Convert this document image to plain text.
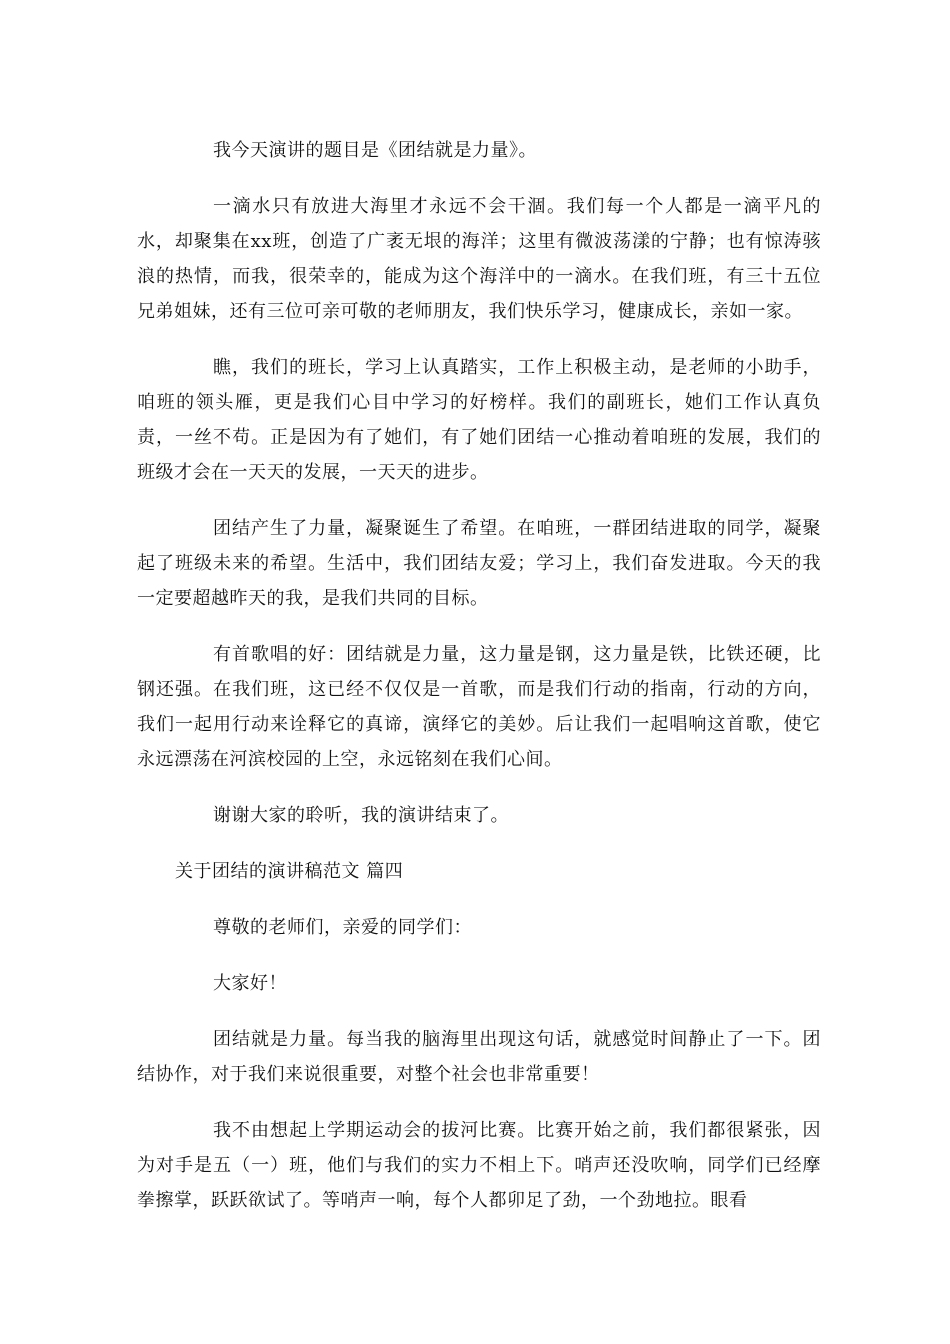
我今天演讲的题目是《团结就是力量》。

一滴水只有放进大海里才永远不会干涸。我们每一个人都是一滴平凡的水，却聚集在xx班，创造了广袤无垠的海洋；这里有微波荡漾的宁静；也有惊涛骇浪的热情，而我，很荣幸的，能成为这个海洋中的一滴水。在我们班，有三十五位兄弟姐妹，还有三位可亲可敬的老师朋友，我们快乐学习，健康成长，亲如一家。

瞧，我们的班长，学习上认真踏实，工作上积极主动，是老师的小助手，咱班的领头雁，更是我们心目中学习的好榜样。我们的副班长，她们工作认真负责，一丝不苟。正是因为有了她们，有了她们团结一心推动着咱班的发展，我们的班级才会在一天天的发展，一天天的进步。

团结产生了力量，凝聚诞生了希望。在咱班，一群团结进取的同学，凝聚起了班级未来的希望。生活中，我们团结友爱；学习上，我们奋发进取。今天的我一定要超越昨天的我，是我们共同的目标。

有首歌唱的好：团结就是力量，这力量是钢，这力量是铁，比铁还硬，比钢还强。在我们班，这已经不仅仅是一首歌，而是我们行动的指南，行动的方向，我们一起用行动来诠释它的真谛，演绎它的美妙。后让我们一起唱响这首歌，使它永远漂荡在河滨校园的上空，永远铭刻在我们心间。

谢谢大家的聆听，我的演讲结束了。

关于团结的演讲稿范文 篇四

尊敬的老师们，亲爱的同学们：

大家好！

团结就是力量。每当我的脑海里出现这句话，就感觉时间静止了一下。团结协作，对于我们来说很重要，对整个社会也非常重要！

我不由想起上学期运动会的拔河比赛。比赛开始之前，我们都很紧张，因为对手是五（一）班，他们与我们的实力不相上下。哨声还没吹响，同学们已经摩拳擦掌，跃跃欲试了。等哨声一响，每个人都卯足了劲，一个劲地拉。眼看
